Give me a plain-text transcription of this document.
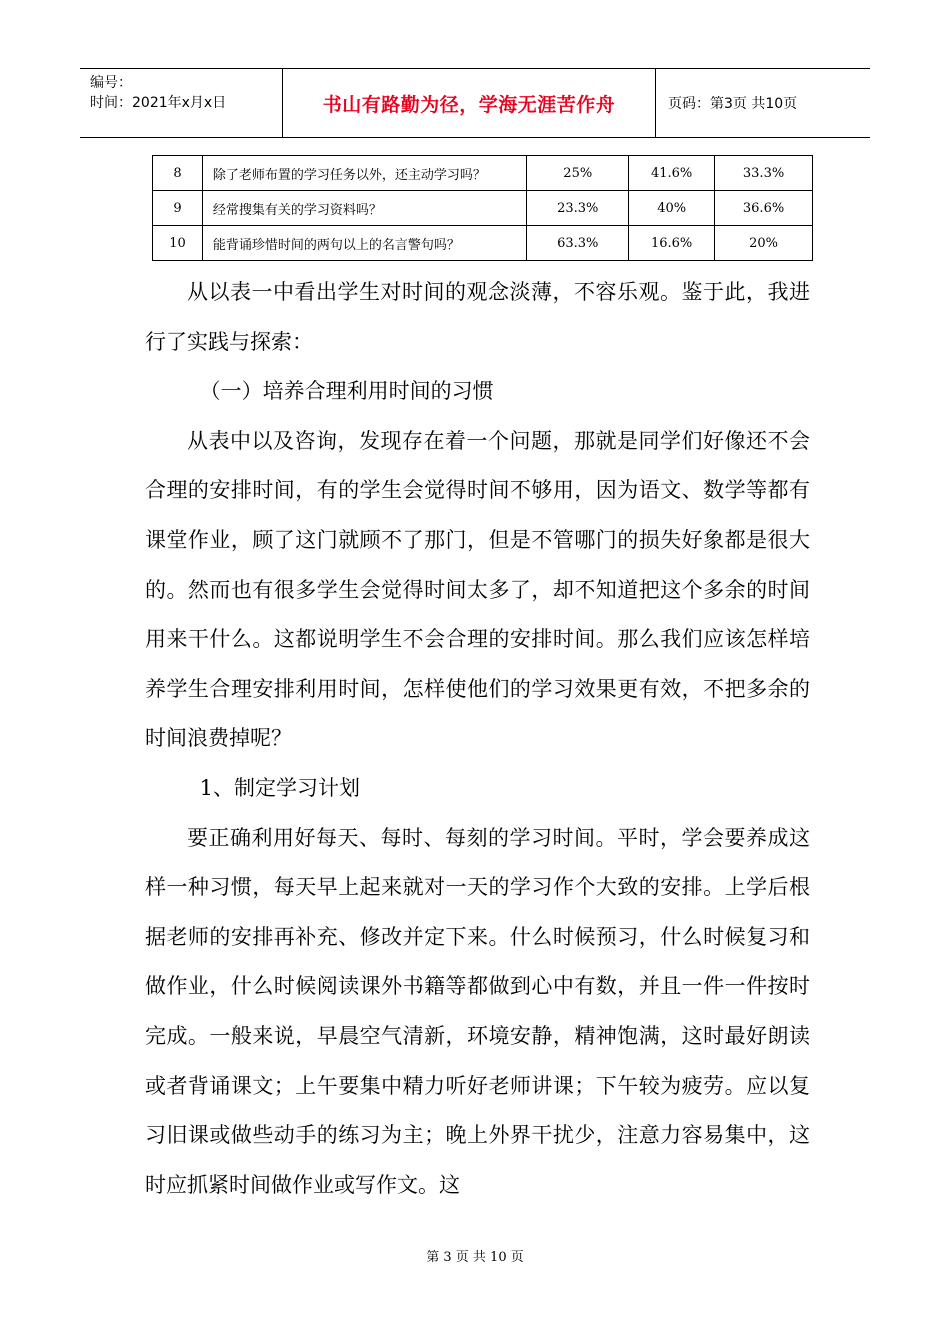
编号：
时间：2021年x月x日	书山有路勤为径，学海无涯苦作舟	页码：第3页 共10页
8	除了老师布置的学习任务以外，还主动学习吗？	25%	41.6%	33.3%
9	经常搜集有关的学习资料吗？	23.3%	40%	36.6%
10	能背诵珍惜时间的两句以上的名言警句吗？	63.3%	16.6%	20%

从以表一中看出学生对时间的观念淡薄，不容乐观。鉴于此，我进行了实践与探索：

（一）培养合理利用时间的习惯

从表中以及咨询，发现存在着一个问题，那就是同学们好像还不会合理的安排时间，有的学生会觉得时间不够用，因为语文、数学等都有课堂作业，顾了这门就顾不了那门，但是不管哪门的损失好象都是很大的。然而也有很多学生会觉得时间太多了，却不知道把这个多余的时间用来干什么。这都说明学生不会合理的安排时间。那么我们应该怎样培养学生合理安排利用时间，怎样使他们的学习效果更有效，不把多余的时间浪费掉呢？

1、制定学习计划

要正确利用好每天、每时、每刻的学习时间。平时，学会要养成这样一种习惯，每天早上起来就对一天的学习作个大致的安排。上学后根据老师的安排再补充、修改并定下来。什么时候预习，什么时候复习和做作业，什么时候阅读课外书籍等都做到心中有数，并且一件一件按时完成。一般来说，早晨空气清新，环境安静，精神饱满，这时最好朗读或者背诵课文；上午要集中精力听好老师讲课；下午较为疲劳。应以复习旧课或做些动手的练习为主；晚上外界干扰少，注意力容易集中，这时应抓紧时间做作业或写作文。这

第 3 页 共 10 页
